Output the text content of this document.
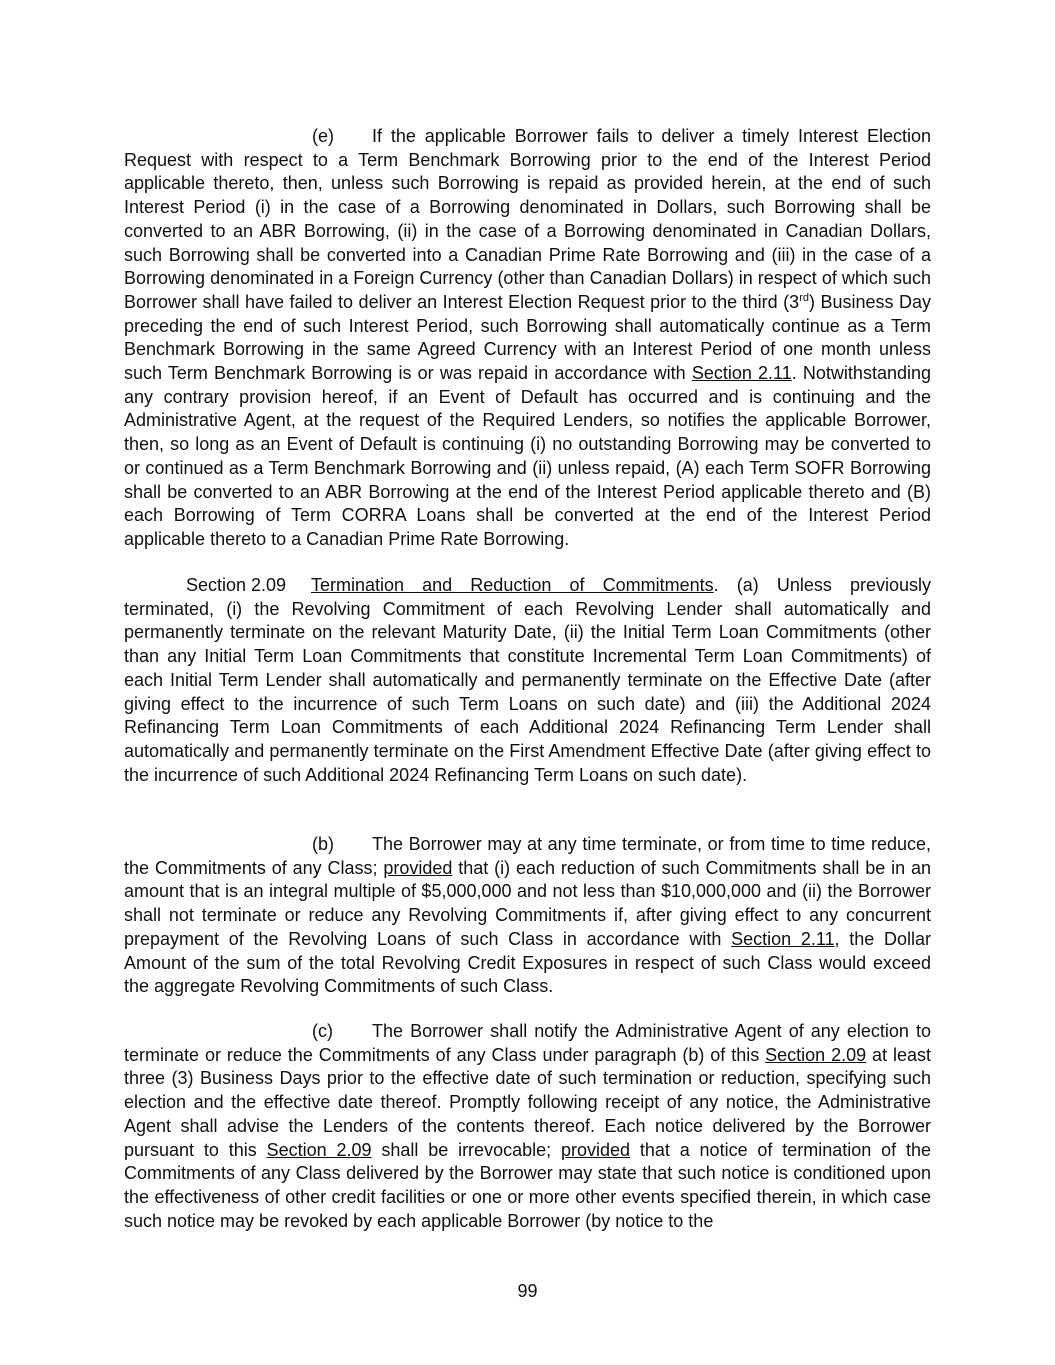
(e) If the applicable Borrower fails to deliver a timely Interest Election Request with respect to a Term Benchmark Borrowing prior to the end of the Interest Period applicable thereto, then, unless such Borrowing is repaid as provided herein, at the end of such Interest Period (i) in the case of a Borrowing denominated in Dollars, such Borrowing shall be converted to an ABR Borrowing, (ii) in the case of a Borrowing denominated in Canadian Dollars, such Borrowing shall be converted into a Canadian Prime Rate Borrowing and (iii) in the case of a Borrowing denominated in a Foreign Currency (other than Canadian Dollars) in respect of which such Borrower shall have failed to deliver an Interest Election Request prior to the third (3rd) Business Day preceding the end of such Interest Period, such Borrowing shall automatically continue as a Term Benchmark Borrowing in the same Agreed Currency with an Interest Period of one month unless such Term Benchmark Borrowing is or was repaid in accordance with Section 2.11. Notwithstanding any contrary provision hereof, if an Event of Default has occurred and is continuing and the Administrative Agent, at the request of the Required Lenders, so notifies the applicable Borrower, then, so long as an Event of Default is continuing (i) no outstanding Borrowing may be converted to or continued as a Term Benchmark Borrowing and (ii) unless repaid, (A) each Term SOFR Borrowing shall be converted to an ABR Borrowing at the end of the Interest Period applicable thereto and (B) each Borrowing of Term CORRA Loans shall be converted at the end of the Interest Period applicable thereto to a Canadian Prime Rate Borrowing.

Section 2.09 Termination and Reduction of Commitments. (a) Unless previously terminated, (i) the Revolving Commitment of each Revolving Lender shall automatically and permanently terminate on the relevant Maturity Date, (ii) the Initial Term Loan Commitments (other than any Initial Term Loan Commitments that constitute Incremental Term Loan Commitments) of each Initial Term Lender shall automatically and permanently terminate on the Effective Date (after giving effect to the incurrence of such Term Loans on such date) and (iii) the Additional 2024 Refinancing Term Loan Commitments of each Additional 2024 Refinancing Term Lender shall automatically and permanently terminate on the First Amendment Effective Date (after giving effect to the incurrence of such Additional 2024 Refinancing Term Loans on such date).

(b) The Borrower may at any time terminate, or from time to time reduce, the Commitments of any Class; provided that (i) each reduction of such Commitments shall be in an amount that is an integral multiple of $5,000,000 and not less than $10,000,000 and (ii) the Borrower shall not terminate or reduce any Revolving Commitments if, after giving effect to any concurrent prepayment of the Revolving Loans of such Class in accordance with Section 2.11, the Dollar Amount of the sum of the total Revolving Credit Exposures in respect of such Class would exceed the aggregate Revolving Commitments of such Class.

(c) The Borrower shall notify the Administrative Agent of any election to terminate or reduce the Commitments of any Class under paragraph (b) of this Section 2.09 at least three (3) Business Days prior to the effective date of such termination or reduction, specifying such election and the effective date thereof. Promptly following receipt of any notice, the Administrative Agent shall advise the Lenders of the contents thereof. Each notice delivered by the Borrower pursuant to this Section 2.09 shall be irrevocable; provided that a notice of termination of the Commitments of any Class delivered by the Borrower may state that such notice is conditioned upon the effectiveness of other credit facilities or one or more other events specified therein, in which case such notice may be revoked by each applicable Borrower (by notice to the

99
